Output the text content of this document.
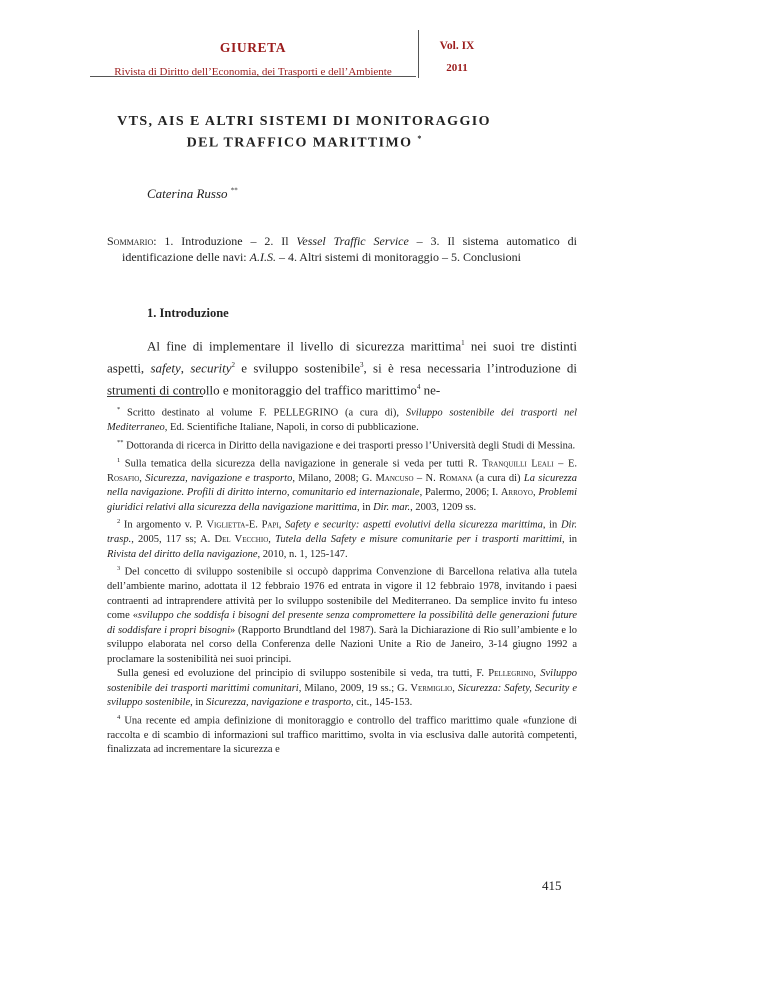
GIURETA
Rivista di Diritto dell’Economia, dei Trasporti e dell’Ambiente
Vol. IX
2011
VTS, AIS E ALTRI SISTEMI DI MONITORAGGIO
DEL TRAFFICO MARITTIMO *
Caterina Russo **
Sommario: 1. Introduzione – 2. Il Vessel Traffic Service – 3. Il sistema automatico di identificazione delle navi: A.I.S. – 4. Altri sistemi di monitoraggio – 5. Conclusioni
1. Introduzione
Al fine di implementare il livello di sicurezza marittima$^1$ nei suoi tre distinti aspetti, safety, security$^2$ e sviluppo sostenibile$^3$, si è resa necessaria l’introduzione di strumenti di controllo e monitoraggio del traffico marittimo$^4$ ne-

* Scritto destinato al volume F. PELLEGRINO (a cura di), Sviluppo sostenibile dei trasporti nel Mediterraneo, Ed. Scientifiche Italiane, Napoli, in corso di pubblicazione.

** Dottoranda di ricerca in Diritto della navigazione e dei trasporti presso l’Università degli Studi di Messina.

$^1$ Sulla tematica della sicurezza della navigazione in generale si veda per tutti R. Tranquilli Leali – E. Rosafio, Sicurezza, navigazione e trasporto, Milano, 2008; G. Mancuso – N. Romana (a cura di) La sicurezza nella navigazione. Profili di diritto interno, comunitario ed internazionale, Palermo, 2006; I. Arroyo, Problemi giuridici relativi alla sicurezza della navigazione marittima, in Dir. mar., 2003, 1209 ss.

$^2$ In argomento v. P. Viglietta-E. Papi, Safety e security: aspetti evolutivi della sicurezza marittima, in Dir. trasp., 2005, 117 ss; A. Del Vecchio, Tutela della Safety e misure comunitarie per i trasporti marittimi, in Rivista del diritto della navigazione, 2010, n. 1, 125-147.

$^3$ Del concetto di sviluppo sostenibile si occupò dapprima Convenzione di Barcellona relativa alla tutela dell’ambiente marino, adottata il 12 febbraio 1976 ed entrata in vigore il 12 febbraio 1978, invitando i paesi contraenti ad intraprendere attività per lo sviluppo sostenibile del Mediterraneo. Da semplice invito fu inteso come «sviluppo che soddisfa i bisogni del presente senza compromettere la possibilità delle generazioni future di soddisfare i propri bisogni» (Rapporto Brundtland del 1987). Sarà la Dichiarazione di Rio sull’ambiente e lo sviluppo elaborata nel corso della Conferenza delle Nazioni Unite a Rio de Janeiro, 3-14 giugno 1992 a proclamare la sostenibilità nei suoi principi.

Sulla genesi ed evoluzione del principio di sviluppo sostenibile si veda, tra tutti, F. Pellegrino, Sviluppo sostenibile dei trasporti marittimi comunitari, Milano, 2009, 19 ss.; G. Vermiglio, Sicurezza: Safety, Security e sviluppo sostenibile, in Sicurezza, navigazione e trasporto, cit., 145-153.

$^4$ Una recente ed ampia definizione di monitoraggio e controllo del traffico marittimo quale «funzione di raccolta e di scambio di informazioni sul traffico marittimo, svolta in via esclusiva dalle autorità competenti, finalizzata ad incrementare la sicurezza e

415
